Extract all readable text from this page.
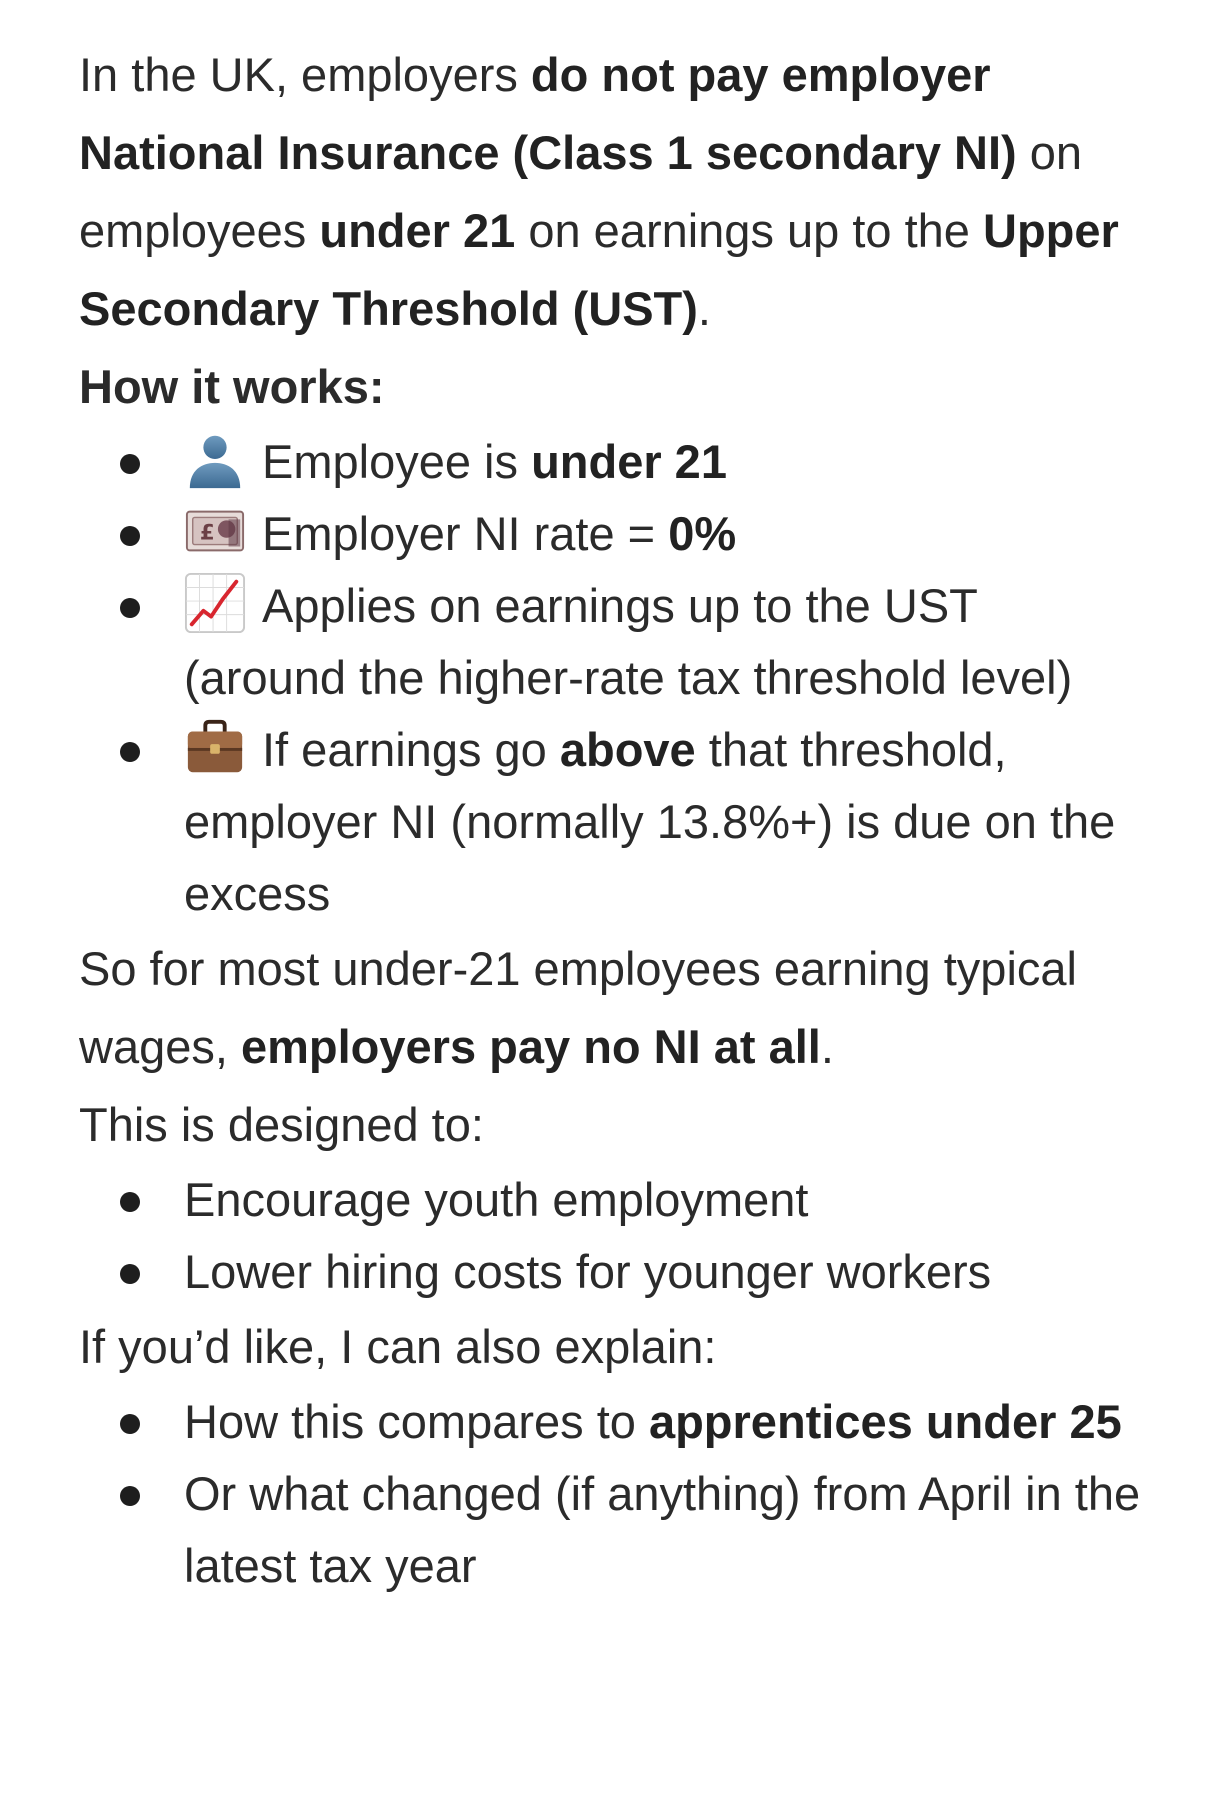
In the UK, employers do not pay employer National Insurance (Class 1 secondary NI) on employees under 21 on earnings up to the Upper Secondary Threshold (UST).

How it works:

Employee is under 21
£ Employer NI rate = 0%
Applies on earnings up to the UST (around the higher-rate tax threshold level)
If earnings go above that threshold, employer NI (normally 13.8%+) is due on the excess

So for most under-21 employees earning typical wages, employers pay no NI at all.

This is designed to:

Encourage youth employment
Lower hiring costs for younger workers

If you’d like, I can also explain:

How this compares to apprentices under 25
Or what changed (if anything) from April in the latest tax year
